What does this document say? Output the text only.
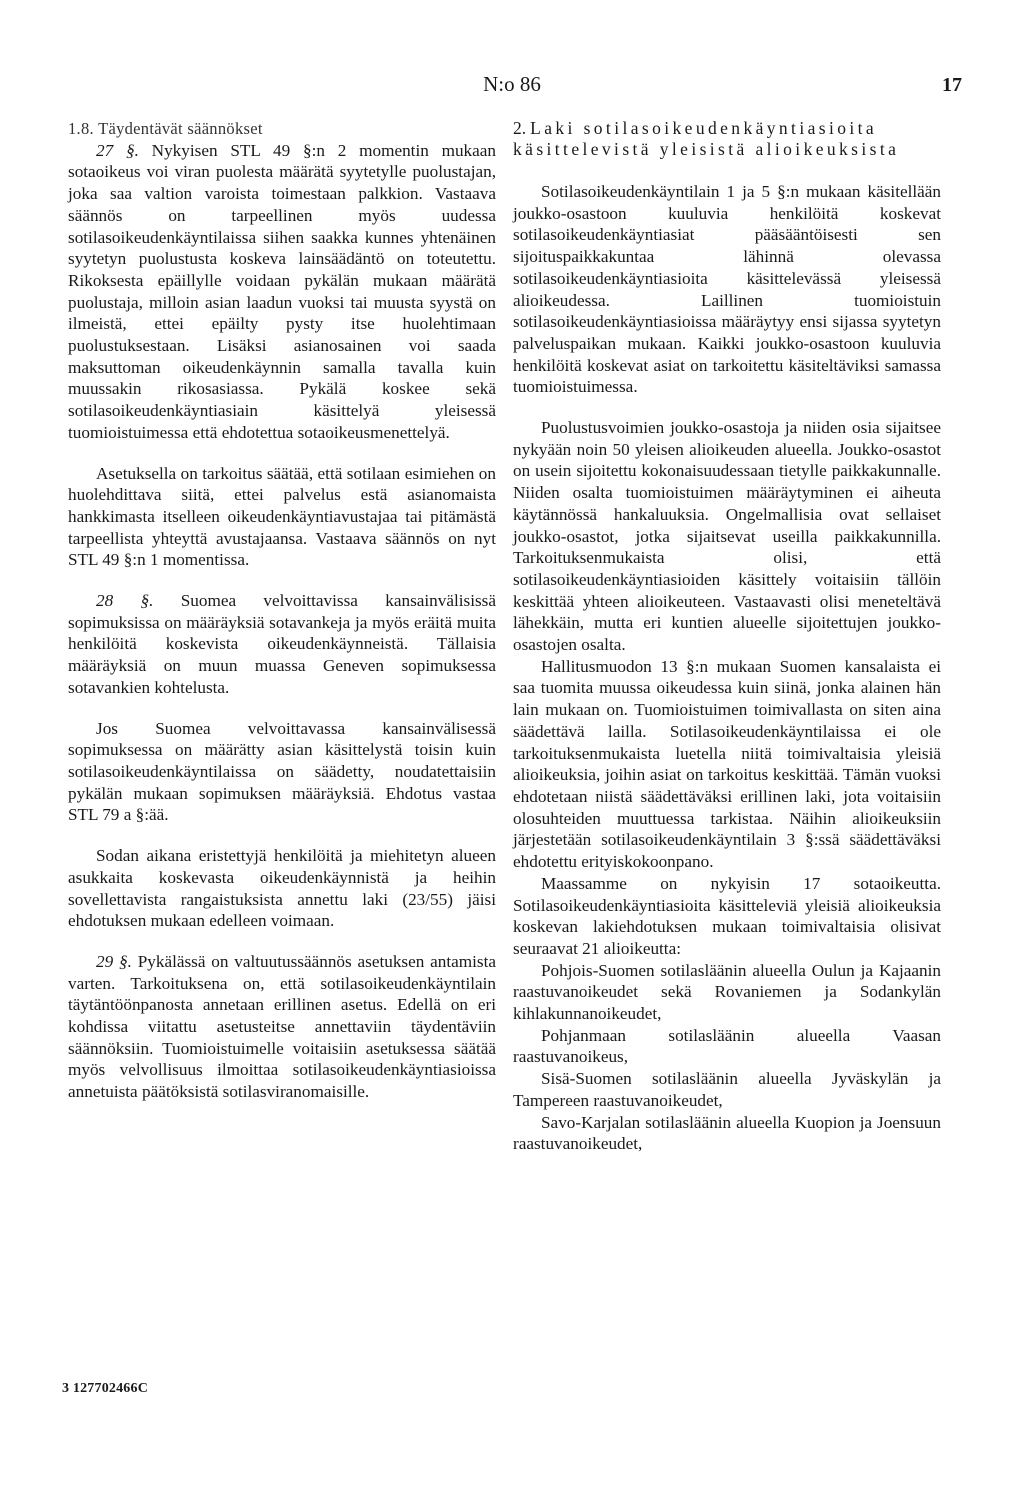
N:o 86	17

1.8. Täydentävät säännökset

27 §. Nykyisen STL 49 §:n 2 momentin mukaan sotaoikeus voi viran puolesta määrätä syytetylle puolustajan, joka saa valtion varoista toimestaan palkkion. Vastaava säännös on tarpeellinen myös uudessa sotilasoikeudenkäyntilaissa siihen saakka kunnes yhtenäinen syytetyn puolustusta koskeva lainsäädäntö on toteutettu. Rikoksesta epäillylle voidaan pykälän mukaan määrätä puolustaja, milloin asian laadun vuoksi tai muusta syystä on ilmeistä, ettei epäilty pysty itse huolehtimaan puolustuksestaan. Lisäksi asianosainen voi saada maksuttoman oikeudenkäynnin samalla tavalla kuin muussakin rikosasiassa. Pykälä koskee sekä sotilasoikeudenkäyntiasiain käsittelyä yleisessä tuomioistuimessa että ehdotettua sotaoikeusmenettelyä.

Asetuksella on tarkoitus säätää, että sotilaan esimiehen on huolehdittava siitä, ettei palvelus estä asianomaista hankkimasta itselleen oikeudenkäyntiavustajaa tai pitämästä tarpeellista yhteyttä avustajaansa. Vastaava säännös on nyt STL 49 §:n 1 momentissa.

28 §. Suomea velvoittavissa kansainvälisissä sopimuksissa on määräyksiä sotavankeja ja myös eräitä muita henkilöitä koskevista oikeudenkäynneistä. Tällaisia määräyksiä on muun muassa Geneven sopimuksessa sotavankien kohtelusta.

Jos Suomea velvoittavassa kansainvälisessä sopimuksessa on määrätty asian käsittelystä toisin kuin sotilasoikeudenkäyntilaissa on säädetty, noudatettaisiin pykälän mukaan sopimuksen määräyksiä. Ehdotus vastaa STL 79 a §:ää.

Sodan aikana eristettyjä henkilöitä ja miehitetyn alueen asukkaita koskevasta oikeudenkäynnistä ja heihin sovellettavista rangaistuksista annettu laki (23/55) jäisi ehdotuksen mukaan edelleen voimaan.

29 §. Pykälässä on valtuutussäännös asetuksen antamista varten. Tarkoituksena on, että sotilasoikeudenkäyntilain täytäntöönpanosta annetaan erillinen asetus. Edellä on eri kohdissa viitattu asetusteitse annettaviin täydentäviin säännöksiin. Tuomioistuimelle voitaisiin asetuksessa säätää myös velvollisuus ilmoittaa sotilasoikeudenkäyntiasioissa annetuista päätöksistä sotilasviranomaisille.

2. Laki sotilasoikeudenkäyntiasioita käsittelevistä yleisistä alioikeuksista

Sotilasoikeudenkäyntilain 1 ja 5 §:n mukaan käsitellään joukko-osastoon kuuluvia henkilöitä koskevat sotilasoikeudenkäyntiasiat pääsääntöisesti sen sijoituspaikkakuntaa lähinnä olevassa sotilasoikeudenkäyntiasioita käsittelevässä yleisessä alioikeudessa. Laillinen tuomioistuin sotilasoikeudenkäyntiasioissa määräytyy ensi sijassa syytetyn palveluspaikan mukaan. Kaikki joukko-osastoon kuuluvia henkilöitä koskevat asiat on tarkoitettu käsiteltäviksi samassa tuomioistuimessa.

Puolustusvoimien joukko-osastoja ja niiden osia sijaitsee nykyään noin 50 yleisen alioikeuden alueella. Joukko-osastot on usein sijoitettu kokonaisuudessaan tietylle paikkakunnalle. Niiden osalta tuomioistuimen määräytyminen ei aiheuta käytännössä hankaluuksia. Ongelmallisia ovat sellaiset joukko-osastot, jotka sijaitsevat useilla paikkakunnilla. Tarkoituksenmukaista olisi, että sotilasoikeudenkäyntiasioiden käsittely voitaisiin tällöin keskittää yhteen alioikeuteen. Vastaavasti olisi meneteltävä lähekkäin, mutta eri kuntien alueelle sijoitettujen joukko-osastojen osalta.

Hallitusmuodon 13 §:n mukaan Suomen kansalaista ei saa tuomita muussa oikeudessa kuin siinä, jonka alainen hän lain mukaan on. Tuomioistuimen toimivallasta on siten aina säädettävä lailla. Sotilasoikeudenkäyntilaissa ei ole tarkoituksenmukaista luetella niitä toimivaltaisia yleisiä alioikeuksia, joihin asiat on tarkoitus keskittää. Tämän vuoksi ehdotetaan niistä säädettäväksi erillinen laki, jota voitaisiin olosuhteiden muuttuessa tarkistaa. Näihin alioikeuksiin järjestetään sotilasoikeudenkäyntilain 3 §:ssä säädettäväksi ehdotettu erityiskokoonpano.

Maassamme on nykyisin 17 sotaoikeutta. Sotilasoikeudenkäyntiasioita käsitteleviä yleisiä alioikeuksia koskevan lakiehdotuksen mukaan toimivaltaisia olisivat seuraavat 21 alioikeutta:

Pohjois-Suomen sotilasläänin alueella Oulun ja Kajaanin raastuvanoikeudet sekä Rovaniemen ja Sodankylän kihlakunnanoikeudet,

Pohjanmaan sotilasläänin alueella Vaasan raastuvanoikeus,

Sisä-Suomen sotilasläänin alueella Jyväskylän ja Tampereen raastuvanoikeudet,

Savo-Karjalan sotilasläänin alueella Kuopion ja Joensuun raastuvanoikeudet,

3 127702466C
